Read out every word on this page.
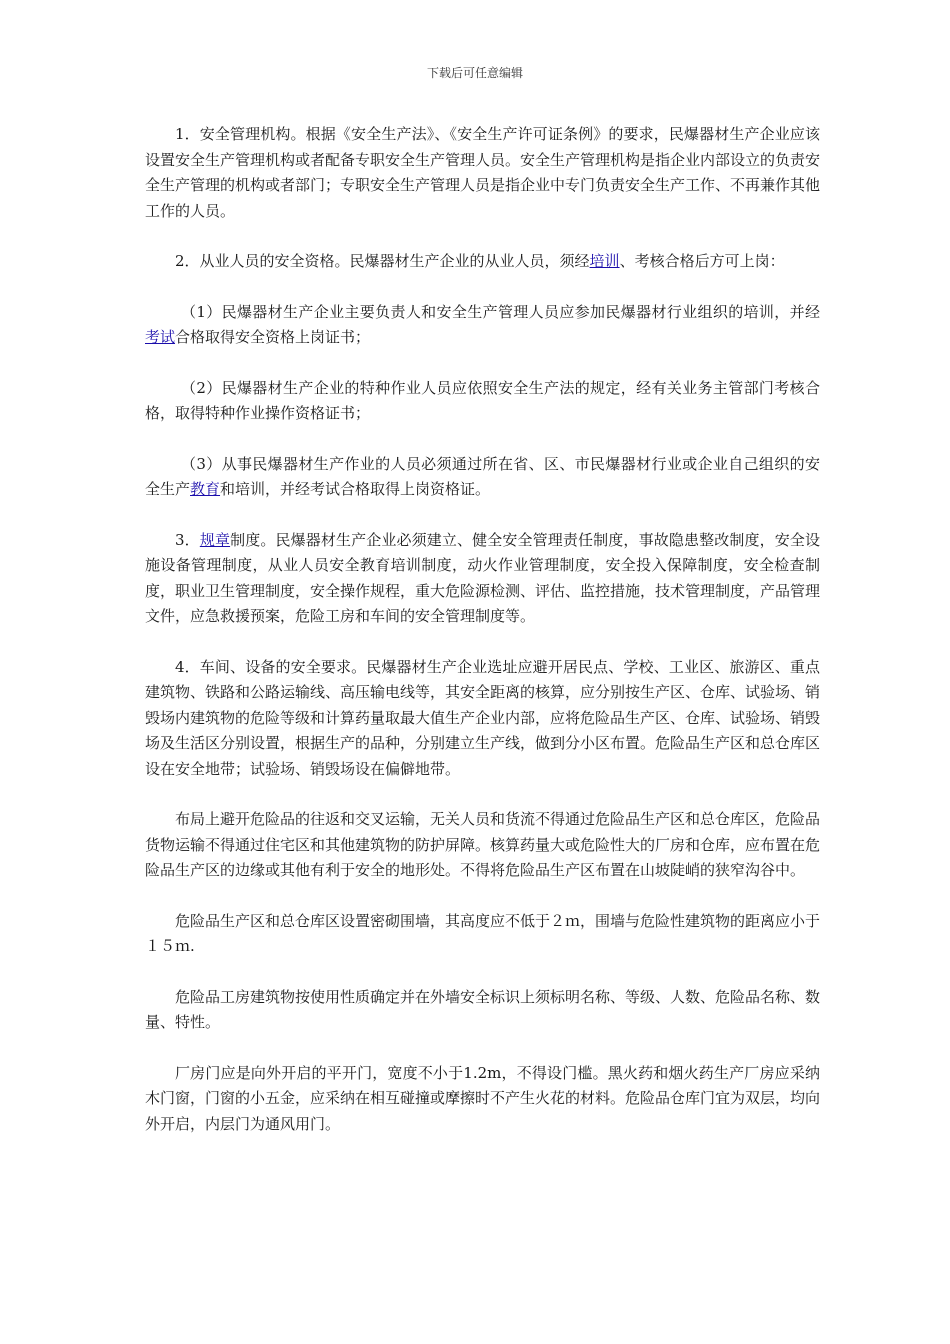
下载后可任意编辑

1．安全管理机构。根据《安全生产法》、《安全生产许可证条例》的要求，民爆器材生产企业应该设置安全生产管理机构或者配备专职安全生产管理人员。安全生产管理机构是指企业内部设立的负责安全生产管理的机构或者部门；专职安全生产管理人员是指企业中专门负责安全生产工作、不再兼作其他工作的人员。

2．从业人员的安全资格。民爆器材生产企业的从业人员，须经培训、考核合格后方可上岗：

（1）民爆器材生产企业主要负责人和安全生产管理人员应参加民爆器材行业组织的培训，并经考试合格取得安全资格上岗证书；

（2）民爆器材生产企业的特种作业人员应依照安全生产法的规定，经有关业务主管部门考核合格，取得特种作业操作资格证书；

（3）从事民爆器材生产作业的人员必须通过所在省、区、市民爆器材行业或企业自己组织的安全生产教育和培训，并经考试合格取得上岗资格证。

3．规章制度。民爆器材生产企业必须建立、健全安全管理责任制度，事故隐患整改制度，安全设施设备管理制度，从业人员安全教育培训制度，动火作业管理制度，安全投入保障制度，安全检查制度，职业卫生管理制度，安全操作规程，重大危险源检测、评估、监控措施，技术管理制度，产品管理文件，应急救援预案，危险工房和车间的安全管理制度等。

4．车间、设备的安全要求。民爆器材生产企业选址应避开居民点、学校、工业区、旅游区、重点建筑物、铁路和公路运输线、高压输电线等，其安全距离的核算，应分别按生产区、仓库、试验场、销毁场内建筑物的危险等级和计算药量取最大值生产企业内部，应将危险品生产区、仓库、试验场、销毁场及生活区分别设置，根据生产的品种，分别建立生产线，做到分小区布置。危险品生产区和总仓库区设在安全地带；试验场、销毁场设在偏僻地带。

布局上避开危险品的往返和交叉运输，无关人员和货流不得通过危险品生产区和总仓库区，危险品货物运输不得通过住宅区和其他建筑物的防护屏障。核算药量大或危险性大的厂房和仓库，应布置在危险品生产区的边缘或其他有利于安全的地形处。不得将危险品生产区布置在山坡陡峭的狭窄沟谷中。

危险品生产区和总仓库区设置密砌围墙，其高度应不低于２ｍ，围墙与危险性建筑物的距离应小于１５ｍ.

危险品工房建筑物按使用性质确定并在外墙安全标识上须标明名称、等级、人数、危险品名称、数量、特性。

厂房门应是向外开启的平开门，宽度不小于1.2m，不得设门槛。黑火药和烟火药生产厂房应采纳木门窗，门窗的小五金，应采纳在相互碰撞或摩擦时不产生火花的材料。危险品仓库门宜为双层，均向外开启，内层门为通风用门。
